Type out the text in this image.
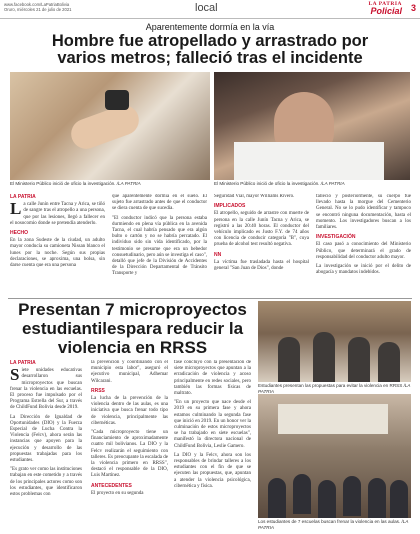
www.facebook.com/LaPatriaBolivia
Oruro, miércoles 21 de julio de 2021	local	LA PATRIA
Policial 3
Aparentemente dormía en la vía
Hombre fue atropellado y arrastrado por varios metros; falleció tras el incidente
El Ministerio Público inició de oficio la investigación. /LA PATRIA	El Ministerio Público inició de oficio la investigación. /LA PATRIA
LA PATRIA

La calle Junín entre Tacna y Arica, se tiñó de sangre tras el atropello a una persona, que por las lesiones, llegó a fallecer en el nosocomio donde se pretendía atenderlo.

HECHO

En la zona Sudeste de la ciudad, un adulto mayor conducía su camioneta Nissan blanco el lunes por la noche. Según sus propias declaraciones, se aproxima, una bolsa, sin darse cuenta que era una persona

que aparentemente dormía en el suelo. El sujeto fue arrastrado antes de que el conductor se diera cuenta de que sucedía.

"El conductor indicó que la persona estaba durmiendo en plena vía pública en la avenida Tacna, el cual habría pensado que era algún bulto o cartón y no se habría percatado. El individuo sido sin vida identificado, por la testimonio se presume que era un bebedor consuetudinario, pero aún se investiga el caso", detalló que jefe de la División de Accidentes de la Dirección Departamental de Tránsito Transporte y

Seguridad Vial, mayor Williams Rivero.

IMPLICADOS

El atropello, seguido de arrastre con muerte de persona en la calle Junín Tacna y Arica, se registró a las 20:40 horas. El conductor del vehículo implicado es Justo F.Y. de 74 años con licencia de conducir categoría "B", cuya prueba de alcohol test resultó negativa.

NN

La víctima fue trasladada hasta el hospital general "San Juan de Dios", donde

falleció y posteriormente, su cuerpo fue llevado hasta la morgue del Cementerio General. No se lo pudo identificar y tampoco se encontró ninguna documentación, hasta el momento. Los investigadores buscan a los familiares.

INVESTIGACIÓN

El caso pasó a conocimiento del Ministerio Público, que determinará el grado de responsabilidad del conductor adulto mayor.

La investigación se inició por el delito de abogacía y mandatos indebidos.

Presentan 7 microproyectos estudiantilespara reducir la violencia en RRSS
LA PATRIA

Siete unidades educativas desarrollaron sus microproyectos que buscan frenar la violencia en las escuelas. El proceso fue impulsado por el Programa Estrella del Sur, a través de ChildFund Bolivia desde 2019.

La Dirección de Igualdad de Oportunidades (DIO) y la Fuerza Especial de Lucha Contra la Violencia (Felcv), ahora serán las instancias que apoyen para la ejecución y desarrollo de las propuestas trabajadas para los estudiantes.

"Es grato ver como las instituciones trabajan en este cometido y a través de los principales actores como son los estudiantes, que identificaron estos problemas con

la prevención y coordinando con el municipio esta labor", aseguró el ejecutivo municipal, Adhemar Wilcarani.

RRSS

La lucha de la prevención de la violencia dentro de las aulas, es una iniciativa que busca frenar todo tipo de violencia, principalmente las cibernéticas.

"Cada microproyecto tiene un financiamiento de aproximadamente cuatro mil bolivianos. La DIO y la Felcv realizarán el seguimiento con talleres. Es preocupante la escalada de la violencia primero en RRSS", destacó el responsable de la DIO, Luis Martínez.

ANTECEDENTES

El proyecto en su segunda

fase concluyó con la presentación de siete microproyectos que apuntan a la erradicación de violencia y acoso principalmente en redes sociales, pero también las formas físicas de maltrato.

"En un proyecto que nace desde el 2019 en su primera fase y ahora estamos culminando la segunda fase que inició en 2019. En un honor ver la culminación de estos microproyectos se ha trabajado en siete escuelas", manifestó la directora nacional de ChildFund Bolivia, Leslie Gamero.

La DIO y la Felcv, ahora son los responsables de brindar talleres a los estudiantes con el fin de que se ejecuten las propuestas, que, apuntan a atender la violencia psicológica, cibernética y física.

Estudiantes presentan las propuestas para evitar la violencia en RRSS /LA PATRIA
Los estudiantes de 7 escuelas buscan frenar la violencia en las aulas. /LA PATRIA
